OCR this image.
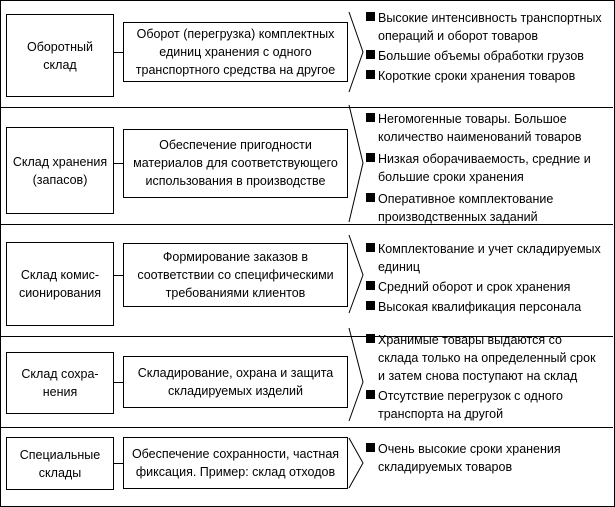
Оборотный
склад
Оборот (перегрузка) комплектных
единиц хранения с одного
транспортного средства на другое
Высокие интенсивность транспортных
операций и оборот товаров
Большие объемы обработки грузов
Короткие сроки хранения товаров
Склад хранения
(запасов)
Обеспечение пригодности
материалов для соответствующего
использования в производстве
Негомогенные товары. Большое
количество наименований товаров
Низкая оборачиваемость, средние и
большие сроки хранения
Оперативное комплектование
производственных заданий
Склад комис-
сионирования
Формирование заказов в
соответствии со специфическими
требованиями клиентов
Комплектование и учет складируемых
единиц
Средний оборот и срок хранения
Высокая квалификация персонала
Склад сохра-
нения
Складирование, охрана и защита
складируемых изделий
Хранимые товары выдаются со
склада только на определенный срок
и затем снова поступают на склад
Отсутствие перегрузок с одного
транспорта на другой
Специальные
склады
Обеспечение сохранности, частная
фиксация. Пример: склад отходов
Очень высокие сроки хранения
складируемых товаров
